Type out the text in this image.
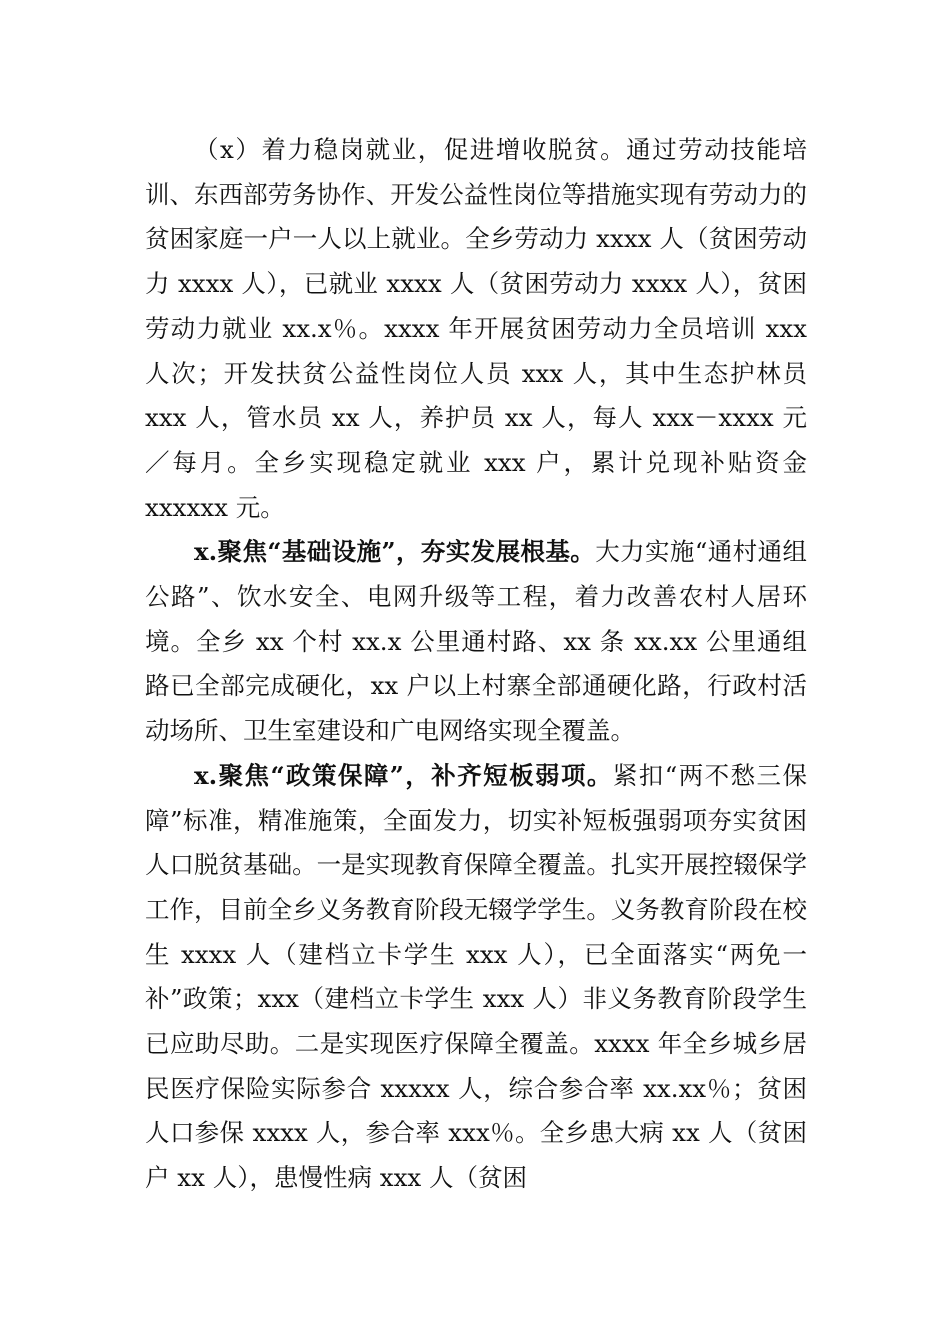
（x）着力稳岗就业，促进增收脱贫。通过劳动技能培训、东西部劳务协作、开发公益性岗位等措施实现有劳动力的贫困家庭一户一人以上就业。全乡劳动力 xxxx 人（贫困劳动力 xxxx 人），已就业 xxxx 人（贫困劳动力 xxxx 人），贫困劳动力就业 xx.x％。xxxx 年开展贫困劳动力全员培训 xxx 人次；开发扶贫公益性岗位人员 xxx 人，其中生态护林员 xxx 人，管水员 xx 人，养护员 xx 人，每人 xxx－xxxx 元／每月。全乡实现稳定就业 xxx 户，累计兑现补贴资金 xxxxxx 元。

x.聚焦“基础设施”，夯实发展根基。大力实施“通村通组公路”、饮水安全、电网升级等工程，着力改善农村人居环境。全乡 xx 个村 xx.x 公里通村路、xx 条 xx.xx 公里通组路已全部完成硬化，xx 户以上村寨全部通硬化路，行政村活动场所、卫生室建设和广电网络实现全覆盖。

x.聚焦“政策保障”，补齐短板弱项。紧扣“两不愁三保障”标准，精准施策，全面发力，切实补短板强弱项夯实贫困人口脱贫基础。一是实现教育保障全覆盖。扎实开展控辍保学工作，目前全乡义务教育阶段无辍学学生。义务教育阶段在校生 xxxx 人（建档立卡学生 xxx 人），已全面落实“两免一补”政策；xxx（建档立卡学生 xxx 人）非义务教育阶段学生已应助尽助。二是实现医疗保障全覆盖。xxxx 年全乡城乡居民医疗保险实际参合 xxxxx 人，综合参合率 xx.xx％；贫困人口参保 xxxx 人，参合率 xxx％。全乡患大病 xx 人（贫困户 xx 人），患慢性病 xxx 人（贫困
